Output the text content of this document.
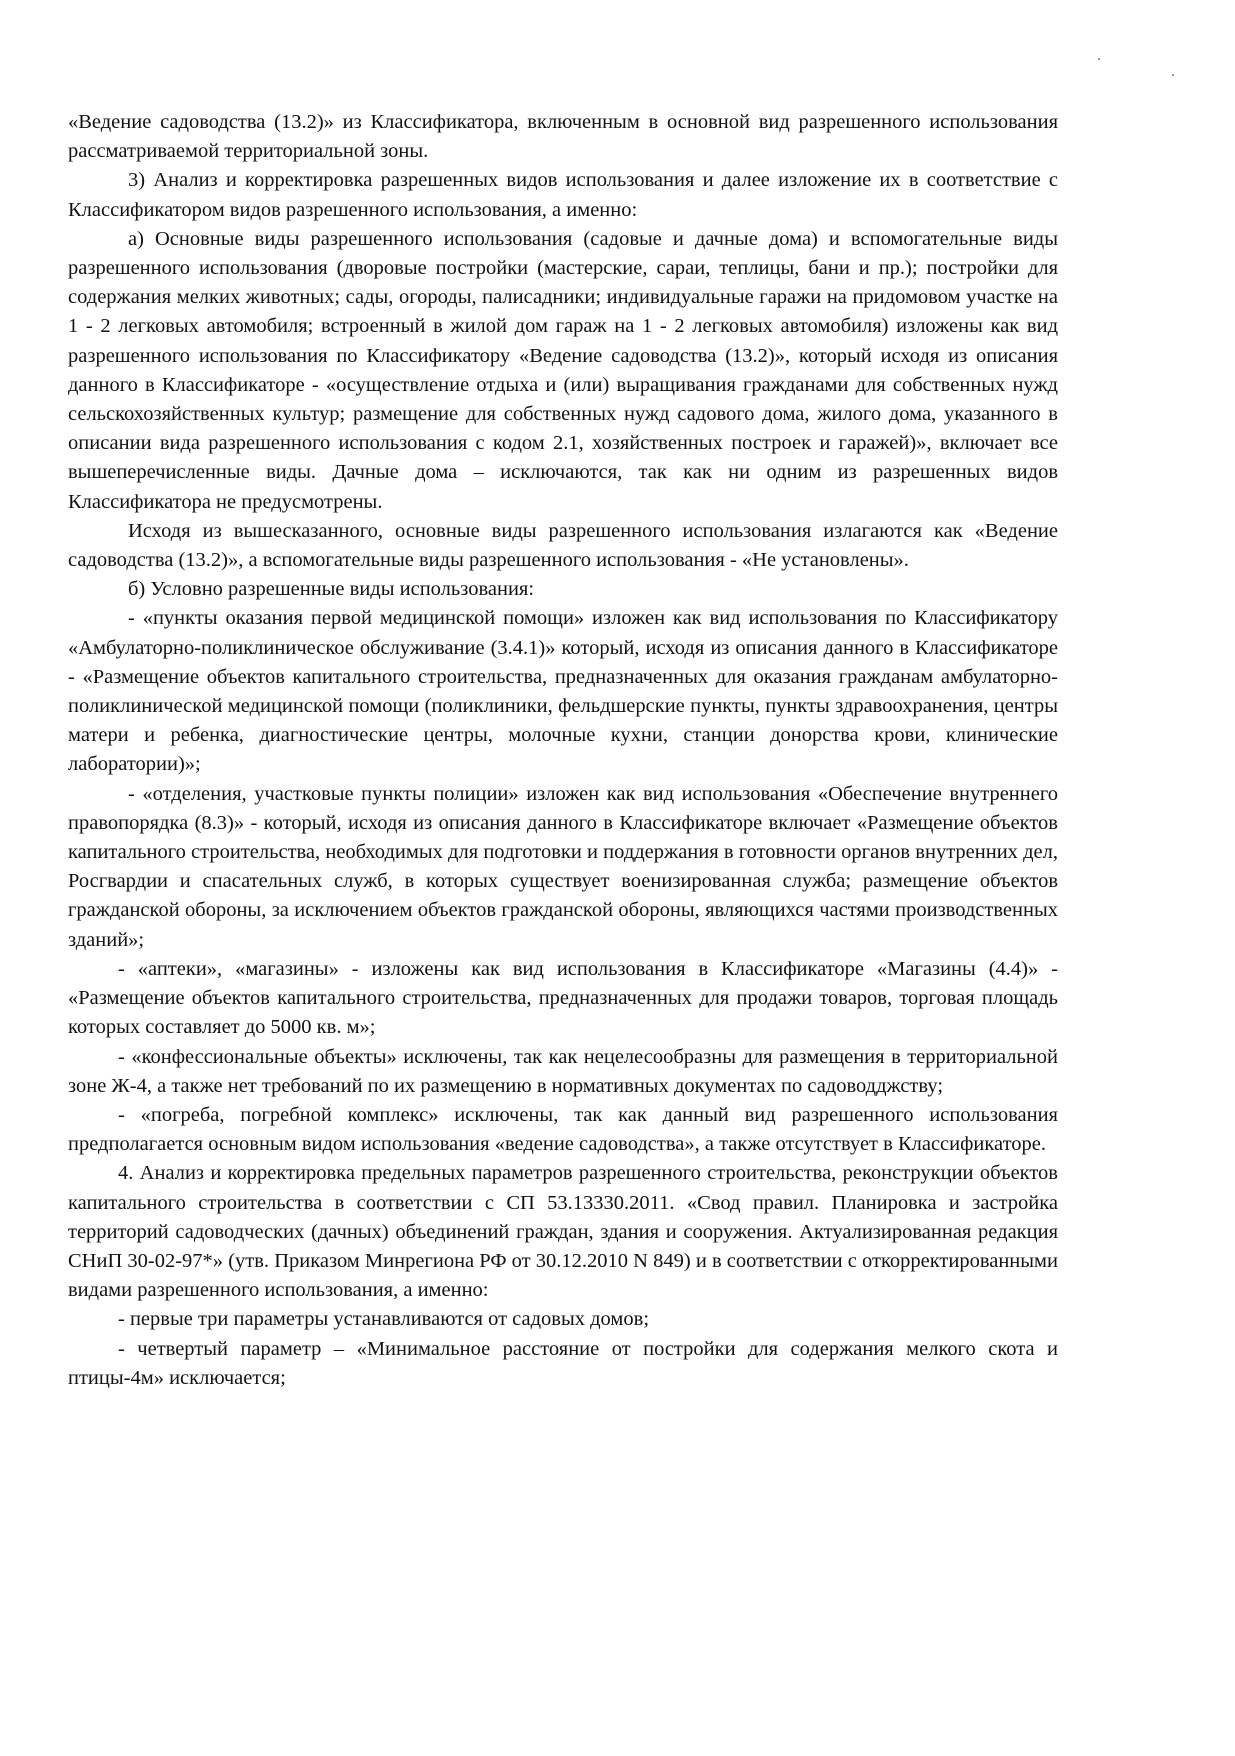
«Ведение садоводства (13.2)» из Классификатора, включенным в основной вид разрешенного использования рассматриваемой территориальной зоны.

3) Анализ и корректировка разрешенных видов использования и далее изложение их в соответствие с Классификатором видов разрешенного использования, а именно:

а) Основные виды разрешенного использования (садовые и дачные дома) и вспомогательные виды разрешенного использования (дворовые постройки (мастерские, сараи, теплицы, бани и пр.); постройки для содержания мелких животных; сады, огороды, палисадники; индивидуальные гаражи на придомовом участке на 1 - 2 легковых автомобиля; встроенный в жилой дом гараж на 1 - 2 легковых автомобиля) изложены как вид разрешенного использования по Классификатору «Ведение садоводства (13.2)», который исходя из описания данного в Классификаторе - «осуществление отдыха и (или) выращивания гражданами для собственных нужд сельскохозяйственных культур; размещение для собственных нужд садового дома, жилого дома, указанного в описании вида разрешенного использования с кодом 2.1, хозяйственных построек и гаражей)», включает все вышеперечисленные виды. Дачные дома – исключаются, так как ни одним из разрешенных видов Классификатора не предусмотрены.

Исходя из вышесказанного, основные виды разрешенного использования излагаются как «Ведение садоводства (13.2)», а вспомогательные виды разрешенного использования - «Не установлены».

б) Условно разрешенные виды использования:

- «пункты оказания первой медицинской помощи» изложен как вид использования по Классификатору «Амбулаторно-поликлиническое обслуживание (3.4.1)» который, исходя из описания данного в Классификаторе - «Размещение объектов капитального строительства, предназначенных для оказания гражданам амбулаторно-поликлинической медицинской помощи (поликлиники, фельдшерские пункты, пункты здравоохранения, центры матери и ребенка, диагностические центры, молочные кухни, станции донорства крови, клинические лаборатории)»;

- «отделения, участковые пункты полиции» изложен как вид использования «Обеспечение внутреннего правопорядка (8.3)» - который, исходя из описания данного в Классификаторе включает «Размещение объектов капитального строительства, необходимых для подготовки и поддержания в готовности органов внутренних дел, Росгвардии и спасательных служб, в которых существует военизированная служба; размещение объектов гражданской обороны, за исключением объектов гражданской обороны, являющихся частями производственных зданий»;

- «аптеки», «магазины» - изложены как вид использования в Классификаторе «Магазины (4.4)» - «Размещение объектов капитального строительства, предназначенных для продажи товаров, торговая площадь которых составляет до 5000 кв. м»;

- «конфессиональные объекты» исключены, так как нецелесообразны для размещения в территориальной зоне Ж-4, а также нет требований по их размещению в нормативных документах по садоводджству;

- «погреба, погребной комплекс» исключены, так как данный вид разрешенного использования предполагается основным видом использования «ведение садоводства», а также отсутствует в Классификаторе.

4. Анализ и корректировка предельных параметров разрешенного строительства, реконструкции объектов капитального строительства в соответствии с СП 53.13330.2011. «Свод правил. Планировка и застройка территорий садоводческих (дачных) объединений граждан, здания и сооружения. Актуализированная редакция СНиП 30-02-97*» (утв. Приказом Минрегиона РФ от 30.12.2010 N 849) и в соответствии с откорректированными видами разрешенного использования, а именно:

- первые три параметры устанавливаются от садовых домов;

- четвертый параметр – «Минимальное расстояние от постройки для содержания мелкого скота и птицы-4м» исключается;
